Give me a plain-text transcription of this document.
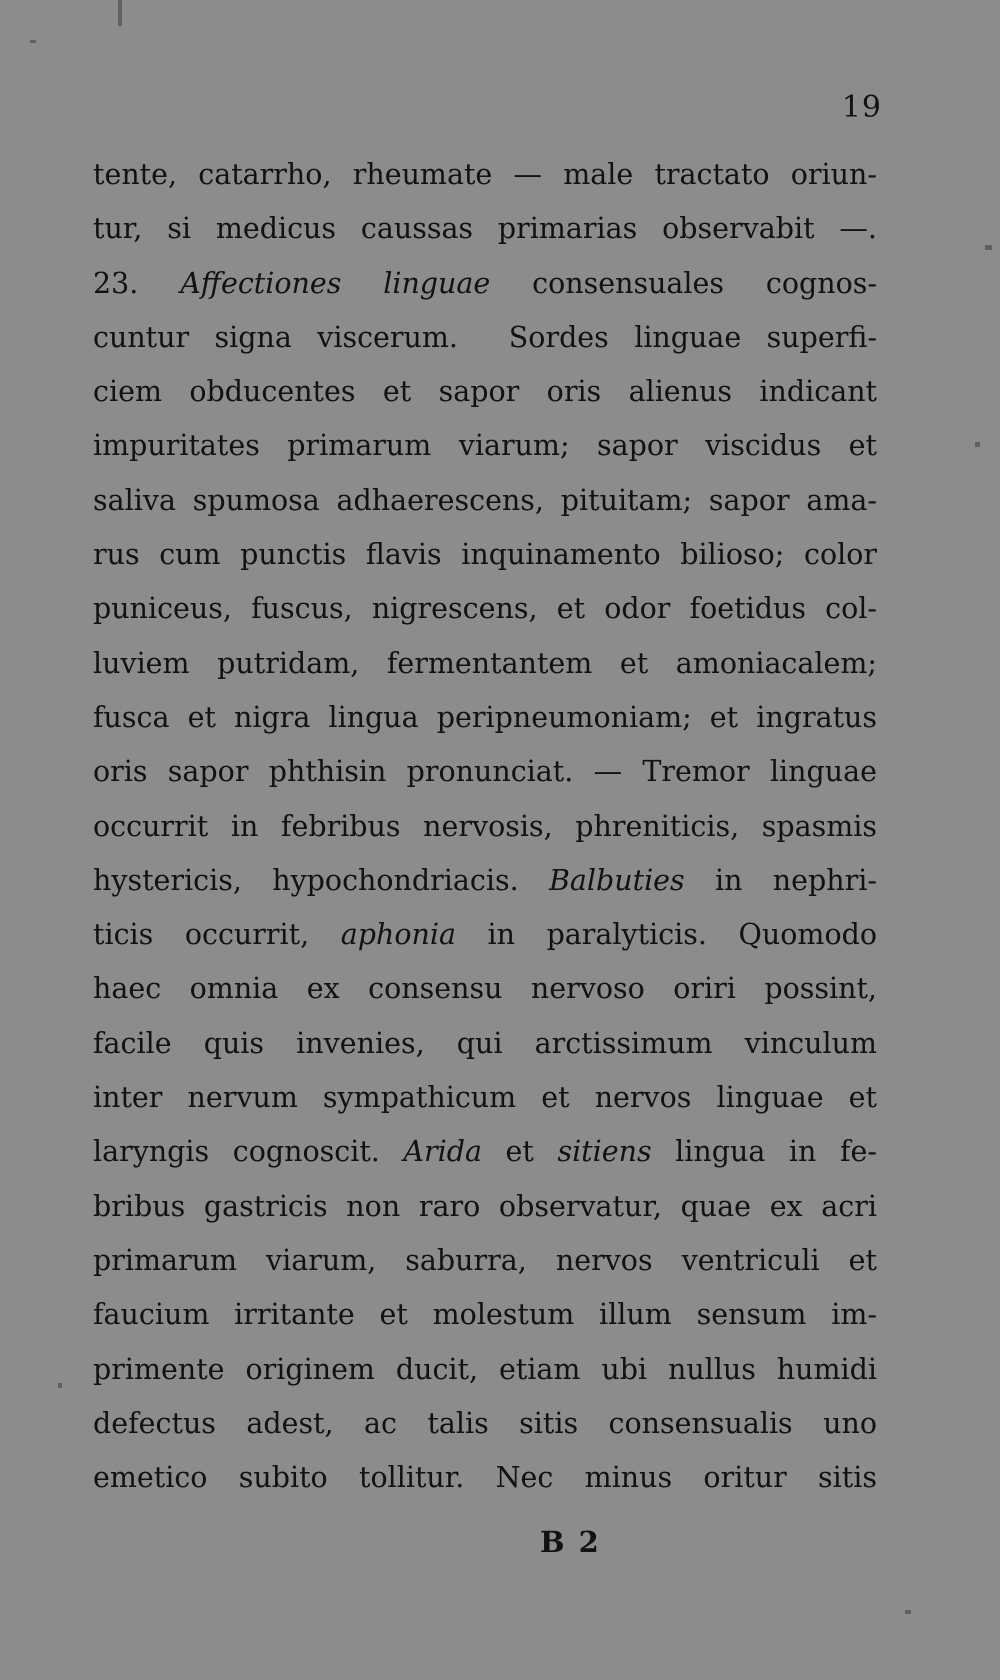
19
tente, catarrho, rheumate — male tractato oriun-
tur, si medicus caussas primarias observabit —.
23. Affectiones linguae consensuales cognos-
cuntur signa viscerum.  Sordes linguae superfi-
ciem obducentes et sapor oris alienus indicant
impuritates primarum viarum; sapor viscidus et
saliva spumosa adhaerescens, pituitam; sapor ama-
rus cum punctis flavis inquinamento bilioso; color
puniceus, fuscus, nigrescens, et odor foetidus col-
luviem putridam, fermentantem et amoniacalem;
fusca et nigra lingua peripneumoniam; et ingratus
oris sapor phthisin pronunciat. — Tremor linguae
occurrit in febribus nervosis, phreniticis, spasmis
hystericis, hypochondriacis. Balbuties in nephri-
ticis occurrit, aphonia in paralyticis. Quomodo
haec omnia ex consensu nervoso oriri possint,
facile quis invenies, qui arctissimum vinculum
inter nervum sympathicum et nervos linguae et
laryngis cognoscit. Arida et sitiens lingua in fe-
bribus gastricis non raro observatur, quae ex acri
primarum viarum, saburra, nervos ventriculi et
faucium irritante et molestum illum sensum im-
primente originem ducit, etiam ubi nullus humidi
defectus adest, ac talis sitis consensualis uno
emetico subito tollitur. Nec minus oritur sitis
B 2
